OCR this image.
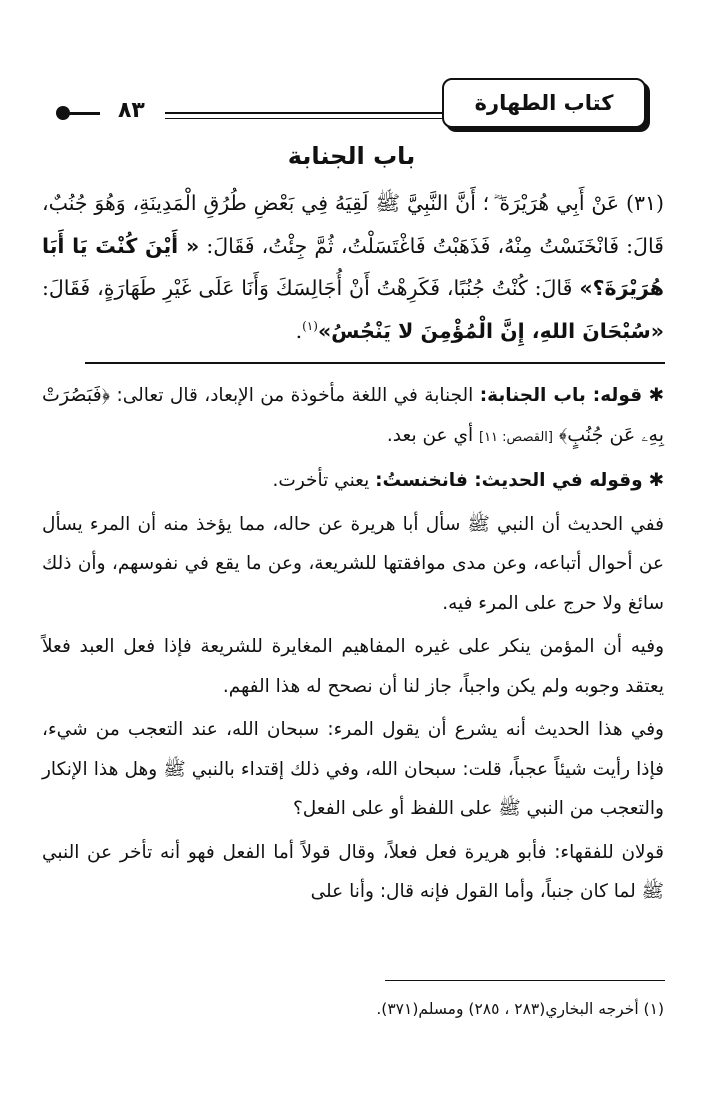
كتاب الطهارة
٨٣
باب الجنابة
(٣١) عَنْ أَبِي هُرَيْرَةَ ؓ ؛ أَنَّ النَّبِيَّ ﷺ لَقِيَهُ فِي بَعْضِ طُرُقِ الْمَدِينَةِ، وَهُوَ جُنُبٌ، قَالَ: فَانْخَنَسْتُ مِنْهُ، فَذَهَبْتُ فَاغْتَسَلْتُ، ثُمَّ جِئْتُ، فَقَالَ: « أَيْنَ كُنْتَ يَا أَبَا هُرَيْرَةَ؟» قَالَ: كُنْتُ جُنُبًا، فَكَرِهْتُ أَنْ أُجَالِسَكَ وَأَنَا عَلَى غَيْرِ طَهَارَةٍ، فَقَالَ: «سُبْحَانَ اللهِ، إِنَّ الْمُؤْمِنَ لا يَنْجُسُ»$^{(١)}$.

✱ قوله: باب الجنابة: الجنابة في اللغة مأخوذة من الإبعاد، قال تعالى: ﴿فَبَصُرَتْ بِهِۦ عَن جُنُبٍ﴾ [القصص: ١١] أي عن بعد.

✱ وقوله في الحديث: فانخنستُ: يعني تأخرت.

ففي الحديث أن النبي ﷺ سأل أبا هريرة عن حاله، مما يؤخذ منه أن المرء يسأل عن أحوال أتباعه، وعن مدى موافقتها للشريعة، وعن ما يقع في نفوسهم، وأن ذلك سائغ ولا حرج على المرء فيه.

وفيه أن المؤمن ينكر على غيره المفاهيم المغايرة للشريعة فإذا فعل العبد فعلاً يعتقد وجوبه ولم يكن واجباً، جاز لنا أن نصحح له هذا الفهم.

وفي هذا الحديث أنه يشرع أن يقول المرء: سبحان الله، عند التعجب من شيء، فإذا رأيت شيئاً عجباً، قلت: سبحان الله، وفي ذلك إقتداء بالنبي ﷺ وهل هذا الإنكار والتعجب من النبي ﷺ على اللفظ أو على الفعل؟

قولان للفقهاء: فأبو هريرة فعل فعلاً، وقال قولاً أما الفعل فهو أنه تأخر عن النبي ﷺ لما كان جنباً، وأما القول فإنه قال: وأنا على

(١) أخرجه البخاري(٢٨٣ ، ٢٨٥) ومسلم(٣٧١).
